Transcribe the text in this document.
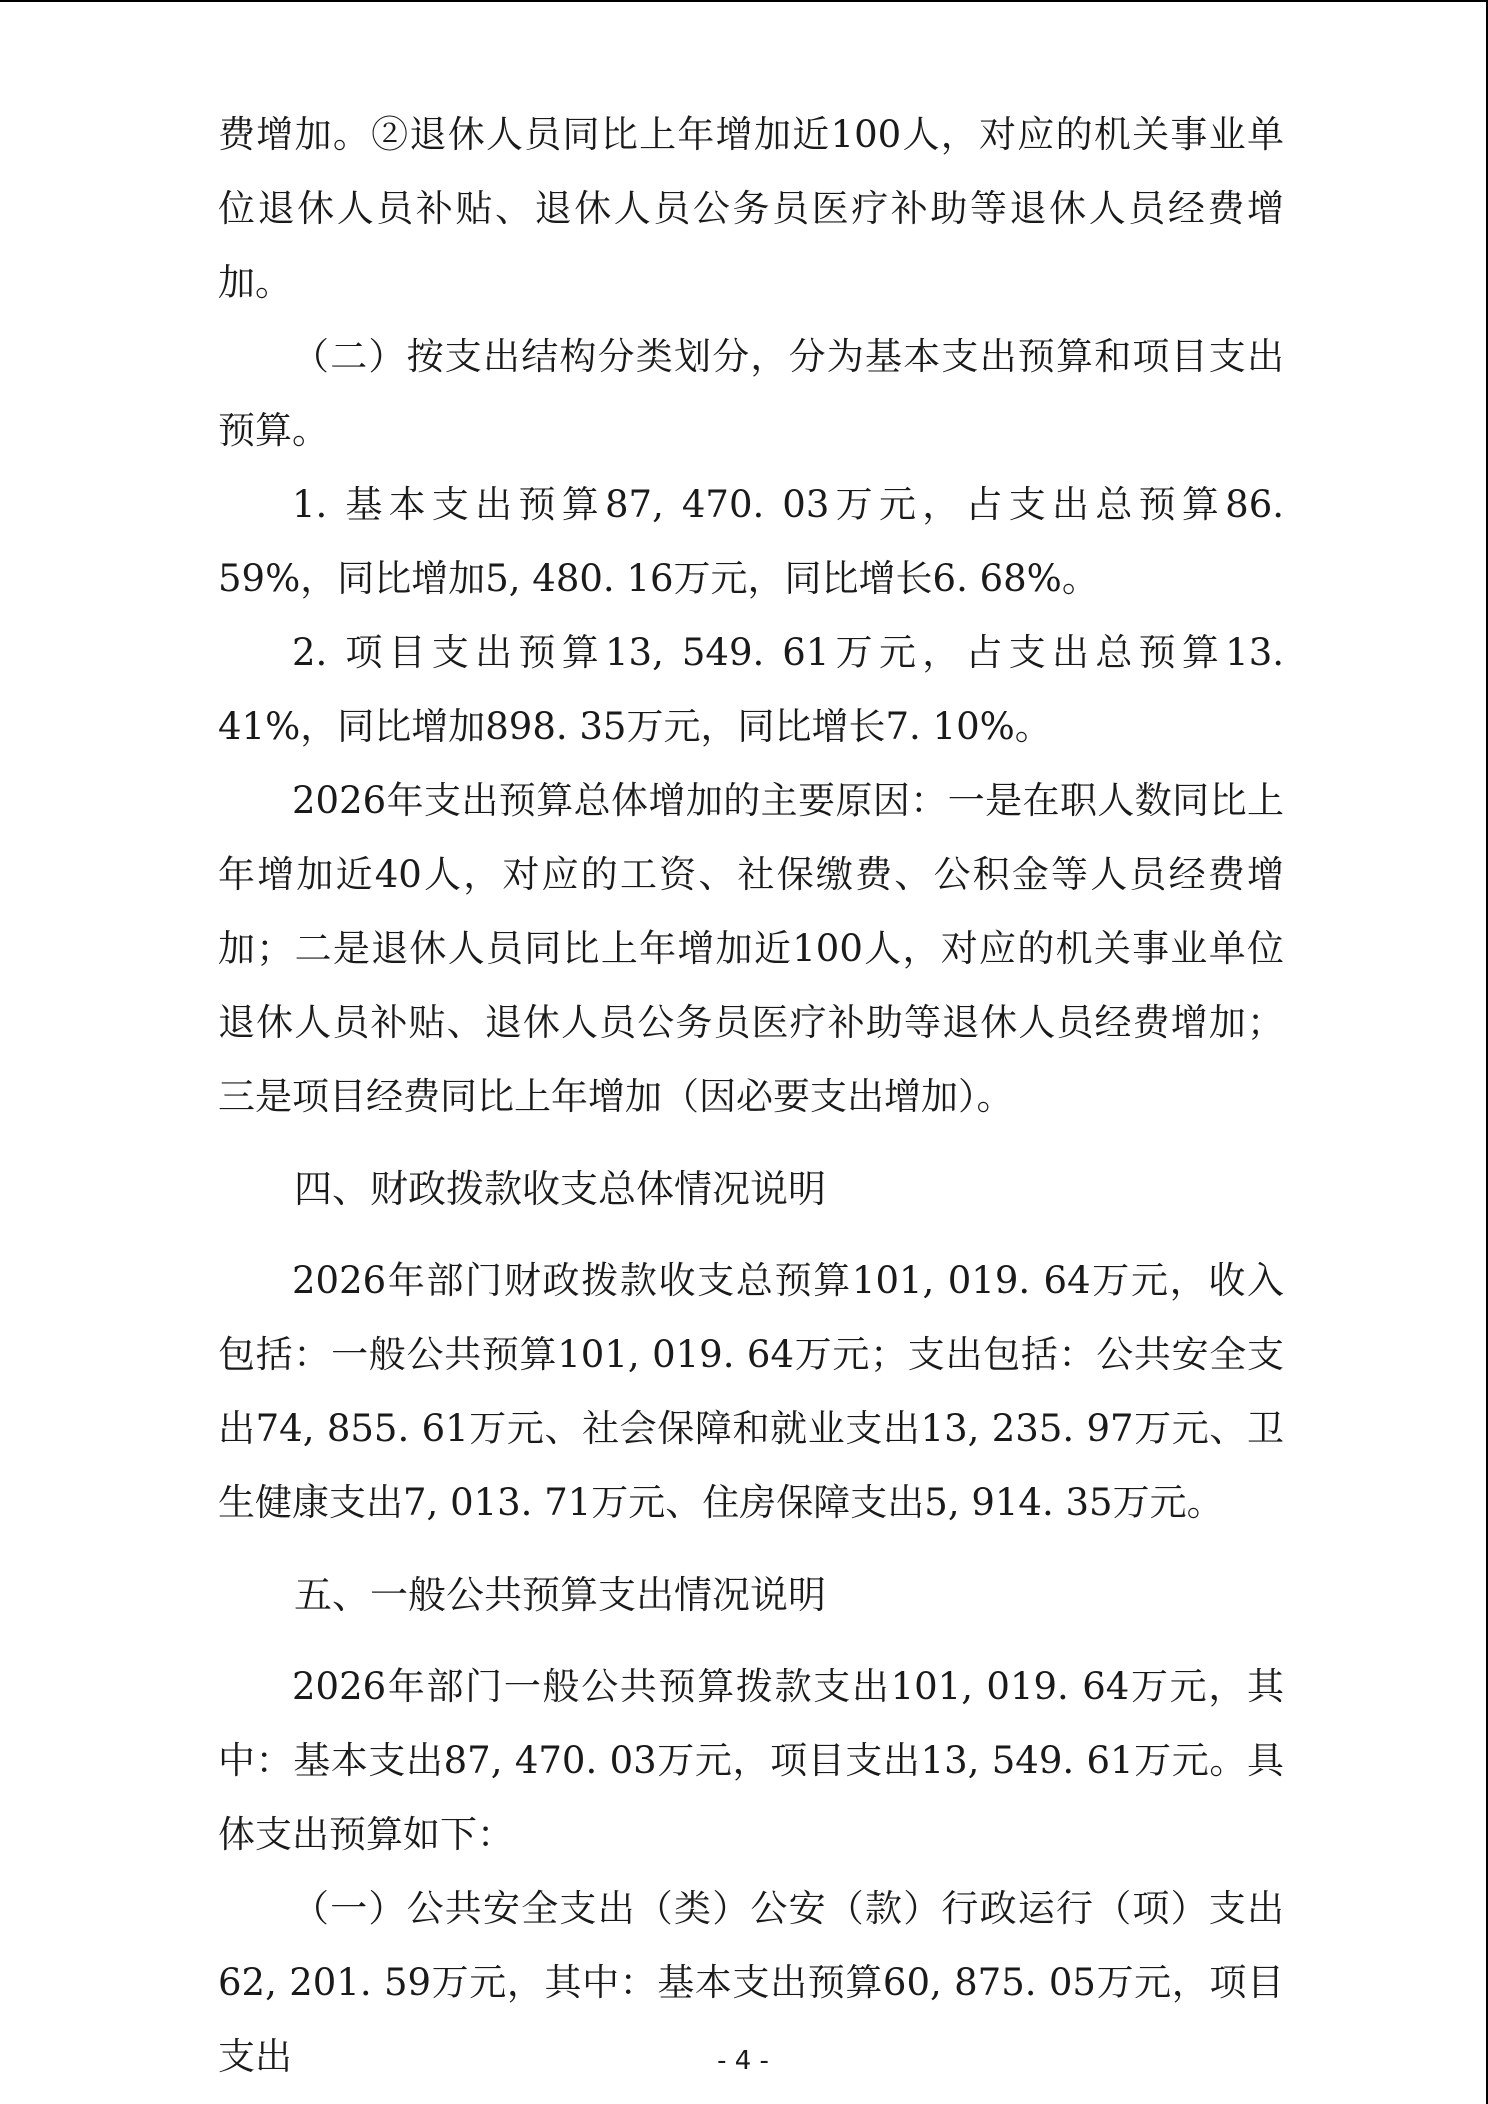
费增加。②退休人员同比上年增加近100人，对应的机关事业单位退休人员补贴、退休人员公务员医疗补助等退休人员经费增加。

（二）按支出结构分类划分，分为基本支出预算和项目支出预算。

1. 基本支出预算87, 470. 03万元，占支出总预算86. 59%，同比增加5, 480. 16万元，同比增长6. 68%。

2. 项目支出预算13, 549. 61万元，占支出总预算13. 41%，同比增加898. 35万元，同比增长7. 10%。

2026年支出预算总体增加的主要原因：一是在职人数同比上年增加近40人，对应的工资、社保缴费、公积金等人员经费增加；二是退休人员同比上年增加近100人，对应的机关事业单位退休人员补贴、退休人员公务员医疗补助等退休人员经费增加；三是项目经费同比上年增加（因必要支出增加）。

四、财政拨款收支总体情况说明

2026年部门财政拨款收支总预算101, 019. 64万元，收入包括：一般公共预算101, 019. 64万元；支出包括：公共安全支出74, 855. 61万元、社会保障和就业支出13, 235. 97万元、卫生健康支出7, 013. 71万元、住房保障支出5, 914. 35万元。

五、一般公共预算支出情况说明

2026年部门一般公共预算拨款支出101, 019. 64万元，其中：基本支出87, 470. 03万元，项目支出13, 549. 61万元。具体支出预算如下：

（一）公共安全支出（类）公安（款）行政运行（项）支出62, 201. 59万元，其中：基本支出预算60, 875. 05万元，项目支出	- 4 -
